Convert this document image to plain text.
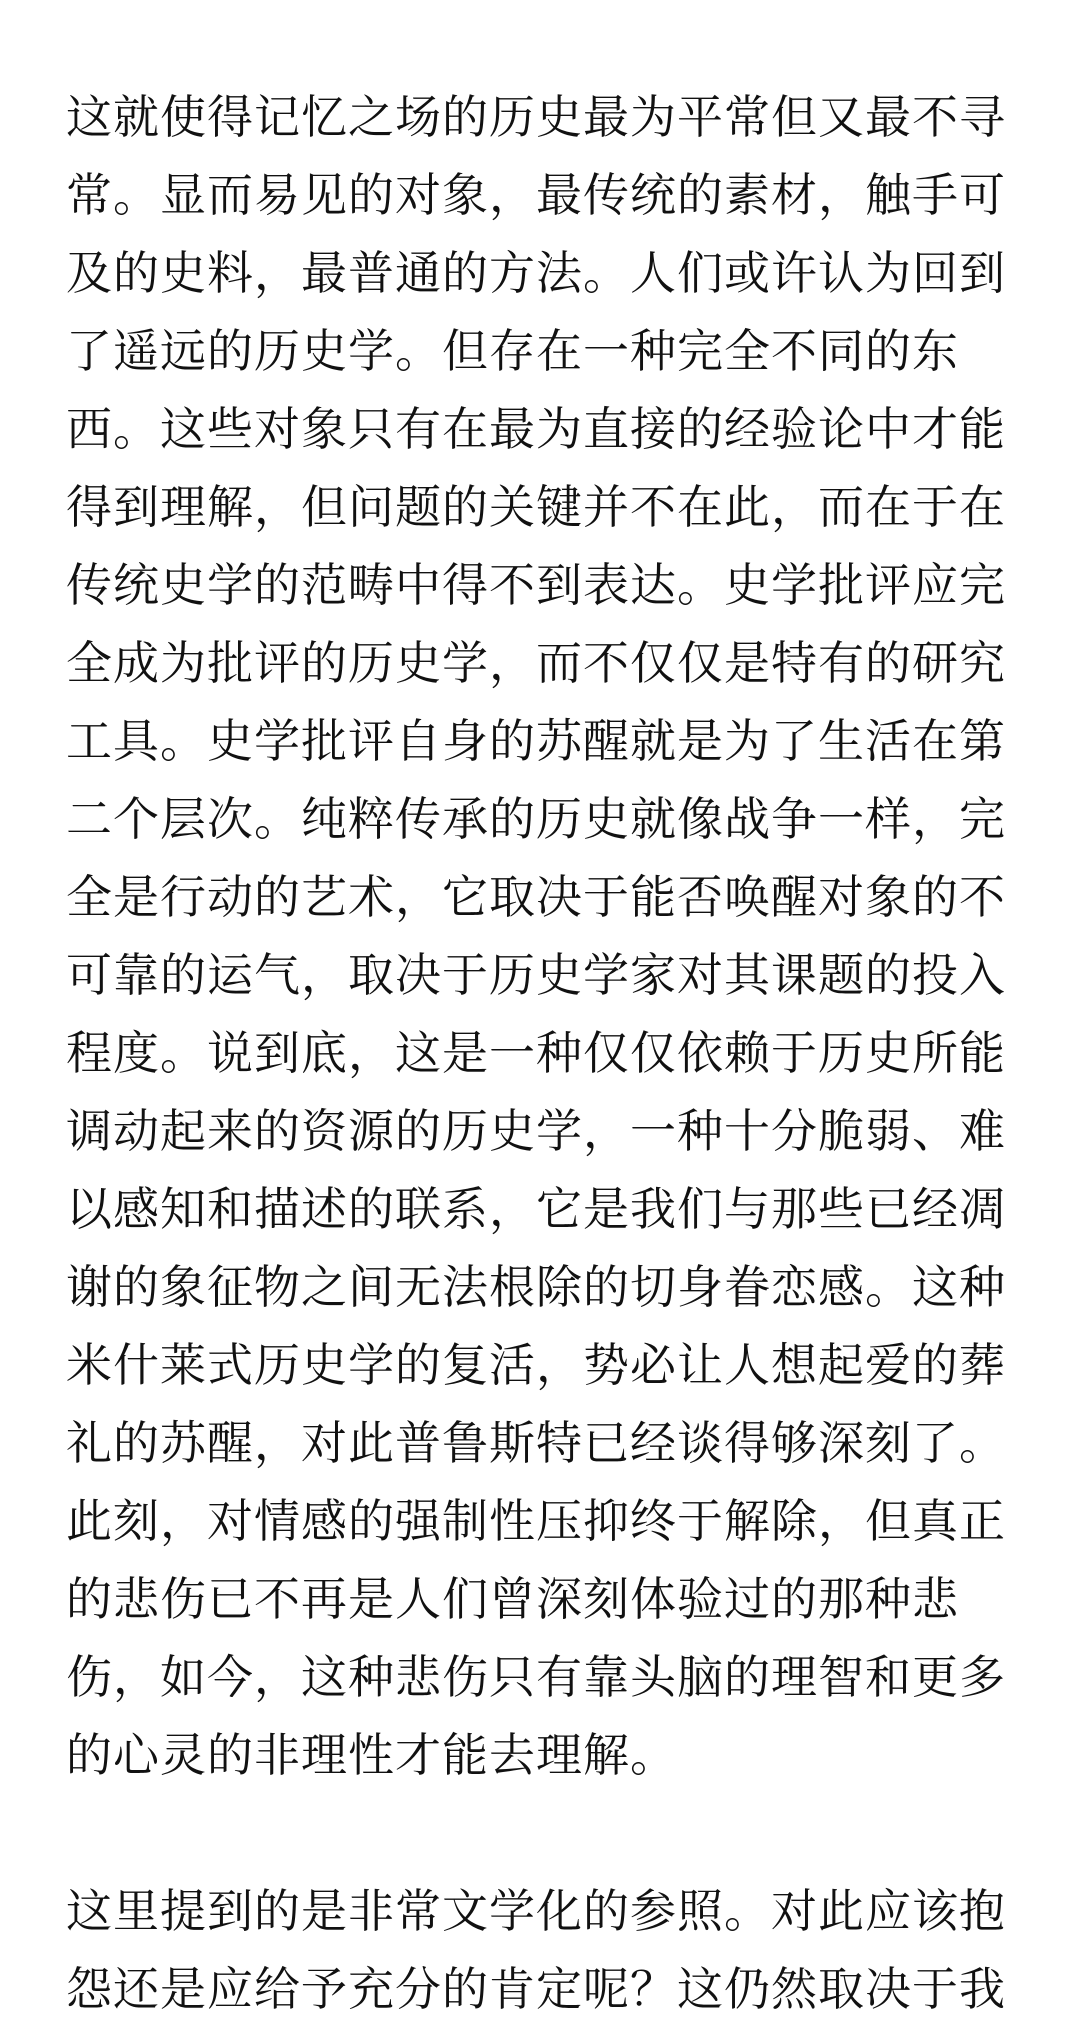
这就使得记忆之场的历史最为平常但又最不寻
常。显而易见的对象，最传统的素材，触手可
及的史料，最普通的方法。人们或许认为回到
了遥远的历史学。但存在一种完全不同的东
西。这些对象只有在最为直接的经验论中才能
得到理解，但问题的关键并不在此，而在于在
传统史学的范畴中得不到表达。史学批评应完
全成为批评的历史学，而不仅仅是特有的研究
工具。史学批评自身的苏醒就是为了生活在第
二个层次。纯粹传承的历史就像战争一样，完
全是行动的艺术，它取决于能否唤醒对象的不
可靠的运气，取决于历史学家对其课题的投入
程度。说到底，这是一种仅仅依赖于历史所能
调动起来的资源的历史学，一种十分脆弱、难
以感知和描述的联系，它是我们与那些已经凋
谢的象征物之间无法根除的切身眷恋感。这种
米什莱式历史学的复活，势必让人想起爱的葬
礼的苏醒，对此普鲁斯特已经谈得够深刻了。
此刻，对情感的强制性压抑终于解除，但真正
的悲伤已不再是人们曾深刻体验过的那种悲
伤，如今，这种悲伤只有靠头脑的理智和更多
的心灵的非理性才能去理解。
这里提到的是非常文学化的参照。对此应该抱
怨还是应给予充分的肯定呢？这仍然取决于我
